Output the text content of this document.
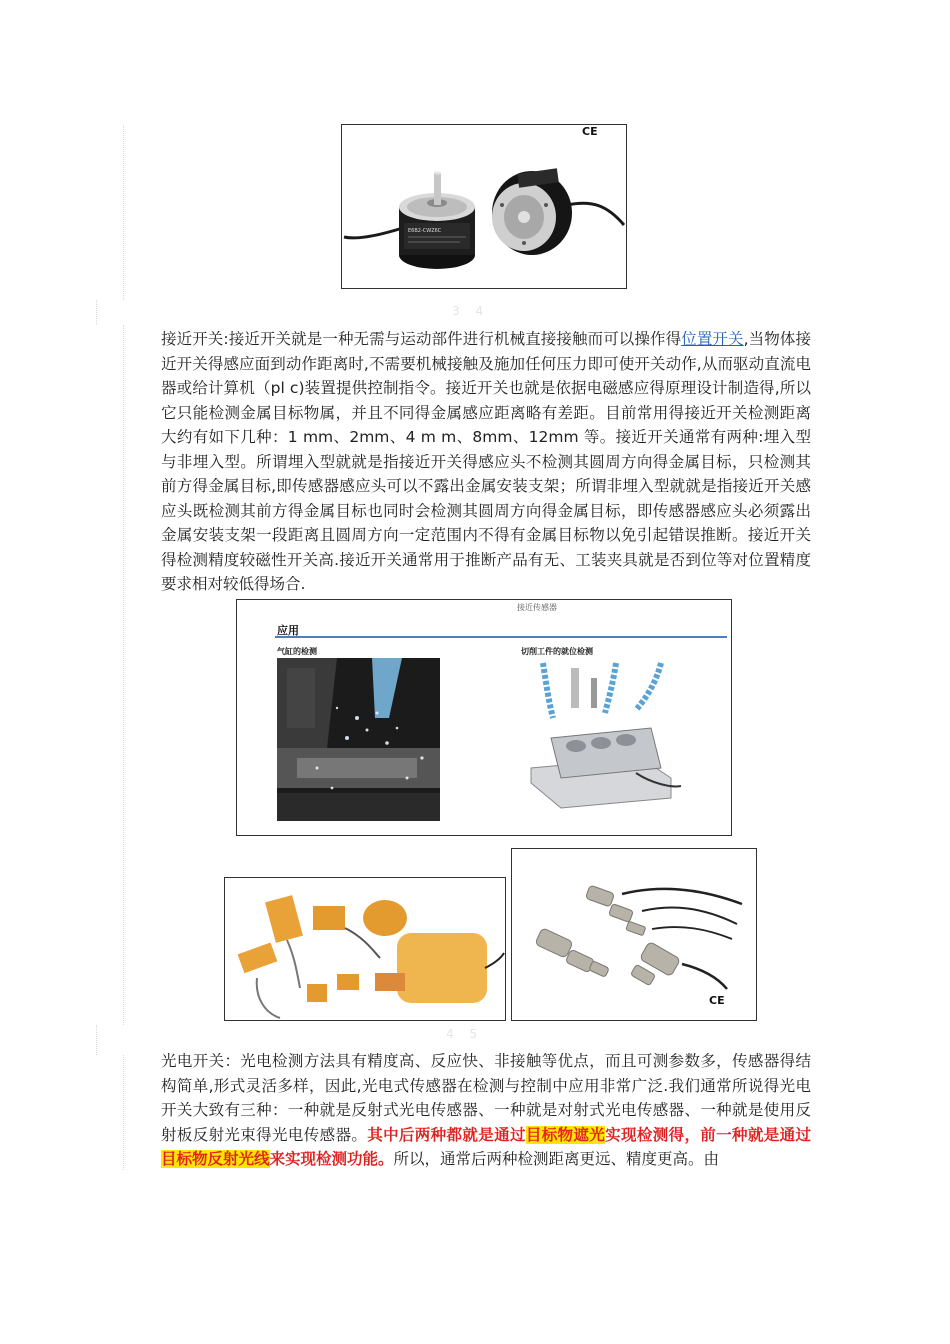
CE
E6B2-CWZ6C
3 4

接近开关:接近开关就是一种无需与运动部件进行机械直接接触而可以操作得位置开关,当物体接近开关得感应面到动作距离时,不需要机械接触及施加任何压力即可使开关动作,从而驱动直流电器或给计算机（pl c)装置提供控制指令。接近开关也就是依据电磁感应得原理设计制造得,所以它只能检测金属目标物属，并且不同得金属感应距离略有差距。目前常用得接近开关检测距离大约有如下几种：1 mm、2mm、4 m m、8mm、12mm 等。接近开关通常有两种:埋入型与非埋入型。所谓埋入型就就是指接近开关得感应头不检测其圆周方向得金属目标，只检测其前方得金属目标,即传感器感应头可以不露出金属安装支架；所谓非埋入型就就是指接近开关感应头既检测其前方得金属目标也同时会检测其圆周方向得金属目标，即传感器感应头必须露出金属安装支架一段距离且圆周方向一定范围内不得有金属目标物以免引起错误推断。接近开关得检测精度较磁性开关高.接近开关通常用于推断产品有无、工装夹具就是否到位等对位置精度要求相对较低得场合.

接近传感器
应用
气缸的检测	切削工件的就位检测
CE
4 5

光电开关：光电检测方法具有精度高、反应快、非接触等优点，而且可测参数多，传感器得结构简单,形式灵活多样，因此,光电式传感器在检测与控制中应用非常广泛.我们通常所说得光电开关大致有三种：一种就是反射式光电传感器、一种就是对射式光电传感器、一种就是使用反射板反射光束得光电传感器。其中后两种都就是通过目标物遮光实现检测得，前一种就是通过目标物反射光线来实现检测功能。所以，通常后两种检测距离更远、精度更高。由
